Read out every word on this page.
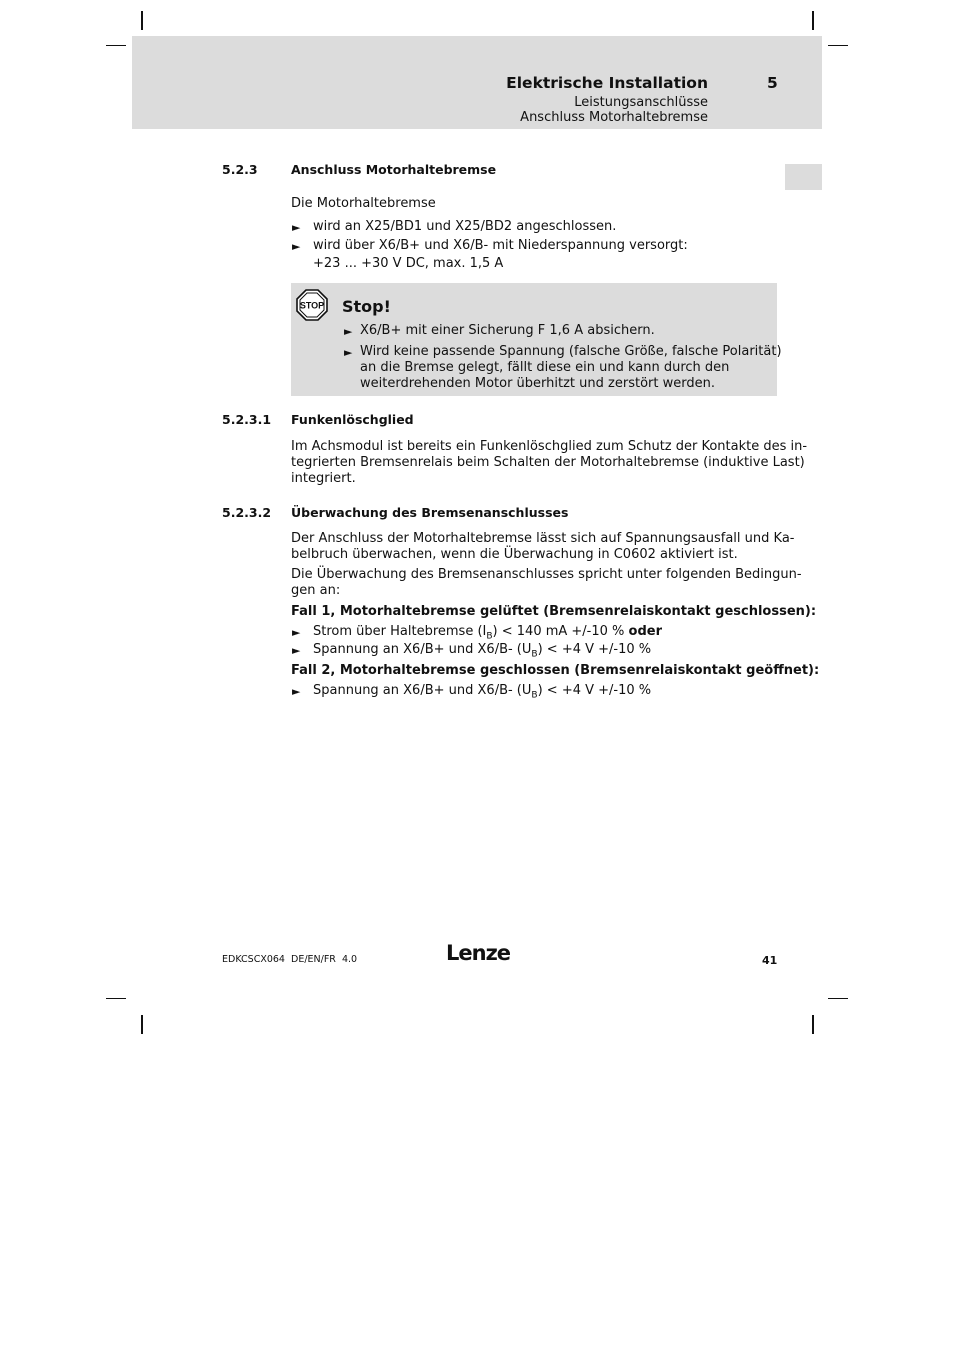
Elektrische Installation	5
Leistungsanschlüsse
Anschluss Motorhaltebremse
5.2.3	Anschluss Motorhaltebremse
Die Motorhaltebremse
► wird an X25/BD1 und X25/BD2 angeschlossen.
► wird über X6/B+ und X6/B- mit Niederspannung versorgt:
+23 ... +30 V DC, max. 1,5 A
STOP Stop!
► X6/B+ mit einer Sicherung F 1,6 A absichern.
► Wird keine passende Spannung (falsche Größe, falsche Polarität)
an die Bremse gelegt, fällt diese ein und kann durch den
weiterdrehenden Motor überhitzt und zerstört werden.
5.2.3.1 Funkenlöschglied
Im Achsmodul ist bereits ein Funkenlöschglied zum Schutz der Kontakte des in-
tegrierten Bremsenrelais beim Schalten der Motorhaltebremse (induktive Last)
integriert.
5.2.3.2 Überwachung des Bremsenanschlusses
Der Anschluss der Motorhaltebremse lässt sich auf Spannungsausfall und Ka-
belbruch überwachen, wenn die Überwachung in C0602 aktiviert ist.
Die Überwachung des Bremsenanschlusses spricht unter folgenden Bedingun-
gen an:
Fall 1, Motorhaltebremse gelüftet (Bremsenrelaiskontakt geschlossen):
► Strom über Haltebremse $(I_B) < 140$ mA +/-10 % oder
► Spannung an X6/B+ und X6/B- $(U_B) < +4$ V +/-10 %
Fall 2, Motorhaltebremse geschlossen (Bremsenrelaiskontakt geöffnet):
► Spannung an X6/B+ und X6/B- $(U_B) < +4$ V +/-10 %
EDKCSCX064  DE/EN/FR  4.0	Lenze	41
